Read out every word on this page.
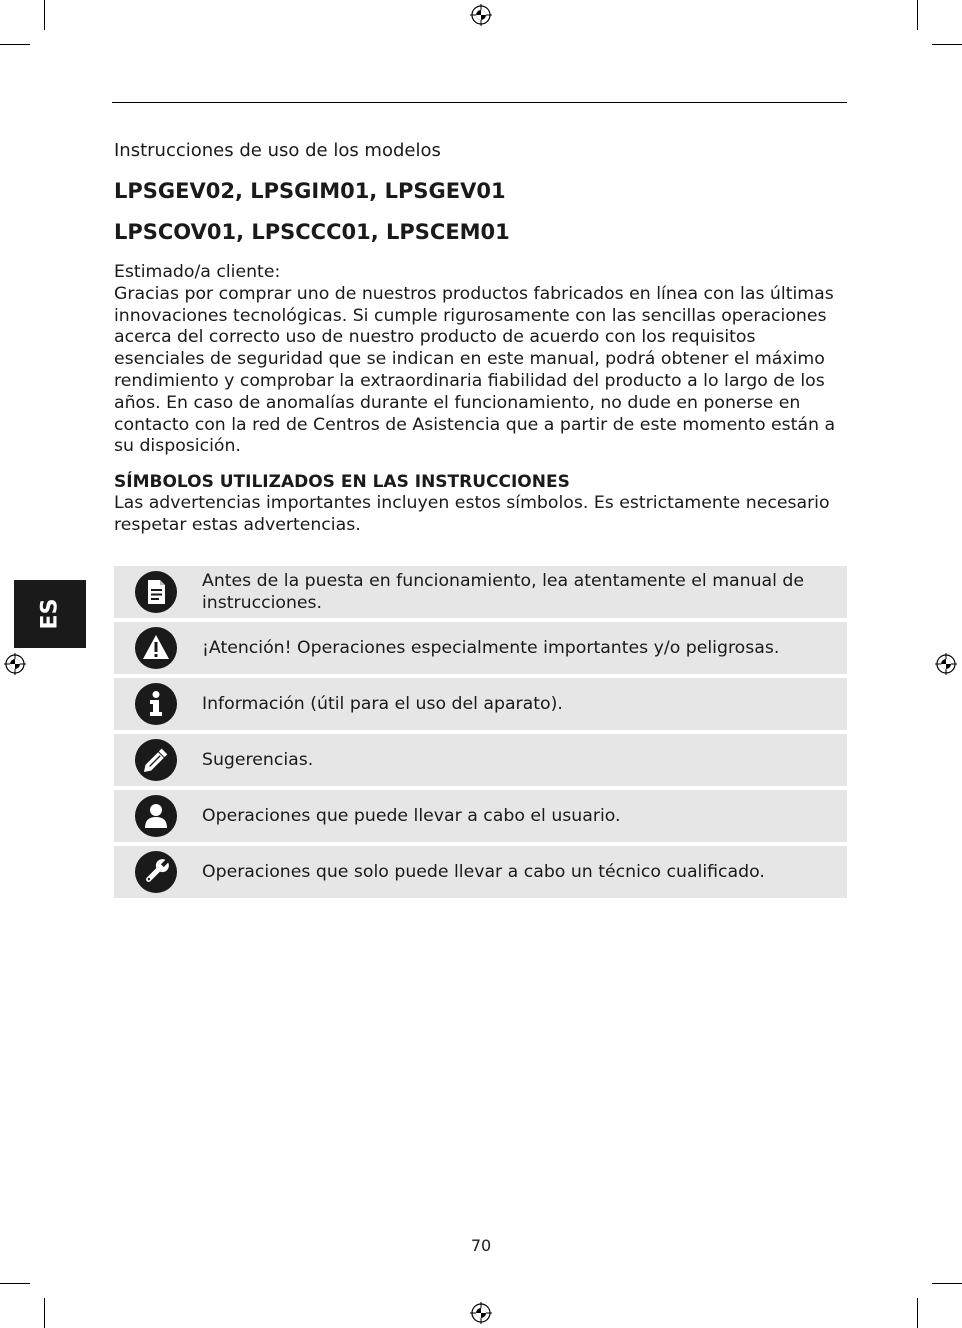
Instrucciones de uso de los modelos

LPSGEV02, LPSGIM01, LPSGEV01

LPSCOV01, LPSCCC01, LPSCEM01

Estimado/a cliente:

Gracias por comprar uno de nuestros productos fabricados en línea con las últimas innovaciones tecnológicas. Si cumple rigurosamente con las sencillas operaciones acerca del correcto uso de nuestro producto de acuerdo con los requisitos esenciales de seguridad que se indican en este manual, podrá obtener el máximo rendimiento y comprobar la extraordinaria fiabilidad del producto a lo largo de los años. En caso de anomalías durante el funcionamiento, no dude en ponerse en contacto con la red de Centros de Asistencia que a partir de este momento están a su disposición.

SÍMBOLOS UTILIZADOS EN LAS INSTRUCCIONES

Las advertencias importantes incluyen estos símbolos. Es estrictamente necesario respetar estas advertencias.

Antes de la puesta en funcionamiento, lea atentamente el manual de instrucciones.
¡Atención! Operaciones especialmente importantes y/o peligrosas.
Información (útil para el uso del aparato).
Sugerencias.
Operaciones que puede llevar a cabo el usuario.
Operaciones que solo puede llevar a cabo un técnico cualificado.
ES
70
